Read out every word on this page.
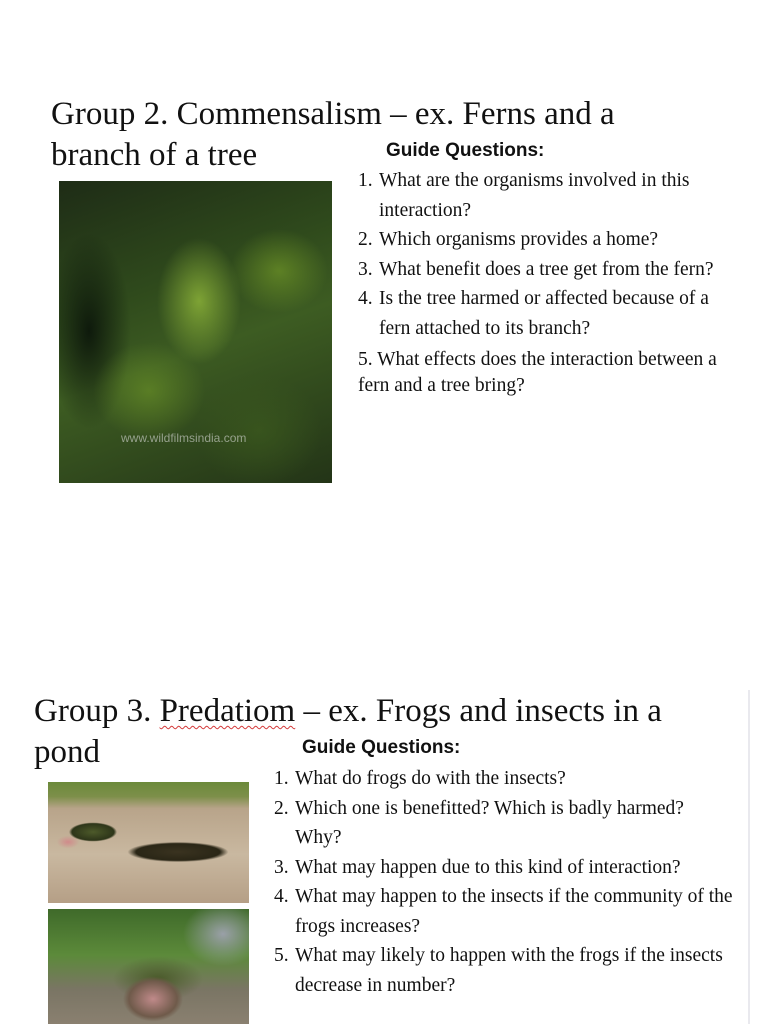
Group 2. Commensalism – ex. Ferns and a branch of a tree
www.wildfilmsindia.com
Guide Questions:
1. What are the organisms involved in this interaction?
2. Which organisms provides a home?
3. What benefit does a tree get from the fern?
4. Is the tree harmed or affected because of a fern attached to its branch?
5. What effects does the interaction between a fern and a tree bring?
Group 3. Predatiom – ex. Frogs and insects in a pond	Guide Questions:
1. What do frogs do with the insects?
2. Which one is benefitted? Which is badly harmed? Why?
3. What may happen due to this kind of interaction?
4. What may happen to the insects if the community of the frogs increases?
5. What may likely to happen with the frogs if the insects decrease in number?
